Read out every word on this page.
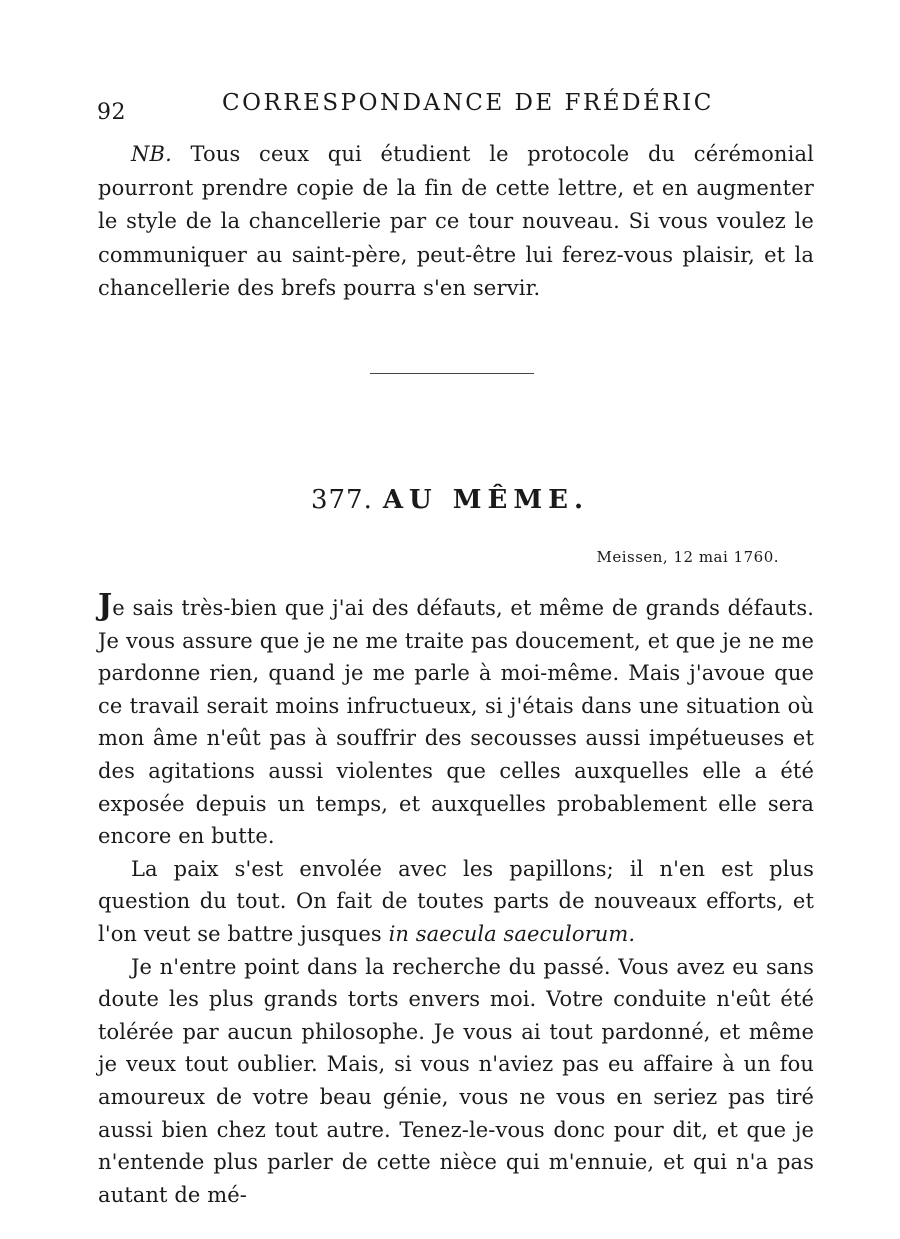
92	CORRESPONDANCE DE FRÉDÉRIC

NB. Tous ceux qui étudient le protocole du cérémonial pourront prendre copie de la fin de cette lettre, et en augmenter le style de la chancellerie par ce tour nouveau. Si vous voulez le communiquer au saint-père, peut-être lui ferez-vous plaisir, et la chancellerie des brefs pourra s'en servir.

377. AU MÊME.
Meissen, 12 mai 1760.

Je sais très-bien que j'ai des défauts, et même de grands défauts. Je vous assure que je ne me traite pas doucement, et que je ne me pardonne rien, quand je me parle à moi-même. Mais j'avoue que ce travail serait moins infructueux, si j'étais dans une situation où mon âme n'eût pas à souffrir des secousses aussi impétueuses et des agitations aussi violentes que celles auxquelles elle a été exposée depuis un temps, et auxquelles probablement elle sera encore en butte.

La paix s'est envolée avec les papillons; il n'en est plus question du tout. On fait de toutes parts de nouveaux efforts, et l'on veut se battre jusques in saecula saeculorum.

Je n'entre point dans la recherche du passé. Vous avez eu sans doute les plus grands torts envers moi. Votre conduite n'eût été tolérée par aucun philosophe. Je vous ai tout pardonné, et même je veux tout oublier. Mais, si vous n'aviez pas eu affaire à un fou amoureux de votre beau génie, vous ne vous en seriez pas tiré aussi bien chez tout autre. Tenez-le-vous donc pour dit, et que je n'entende plus parler de cette nièce qui m'ennuie, et qui n'a pas autant de mé-
